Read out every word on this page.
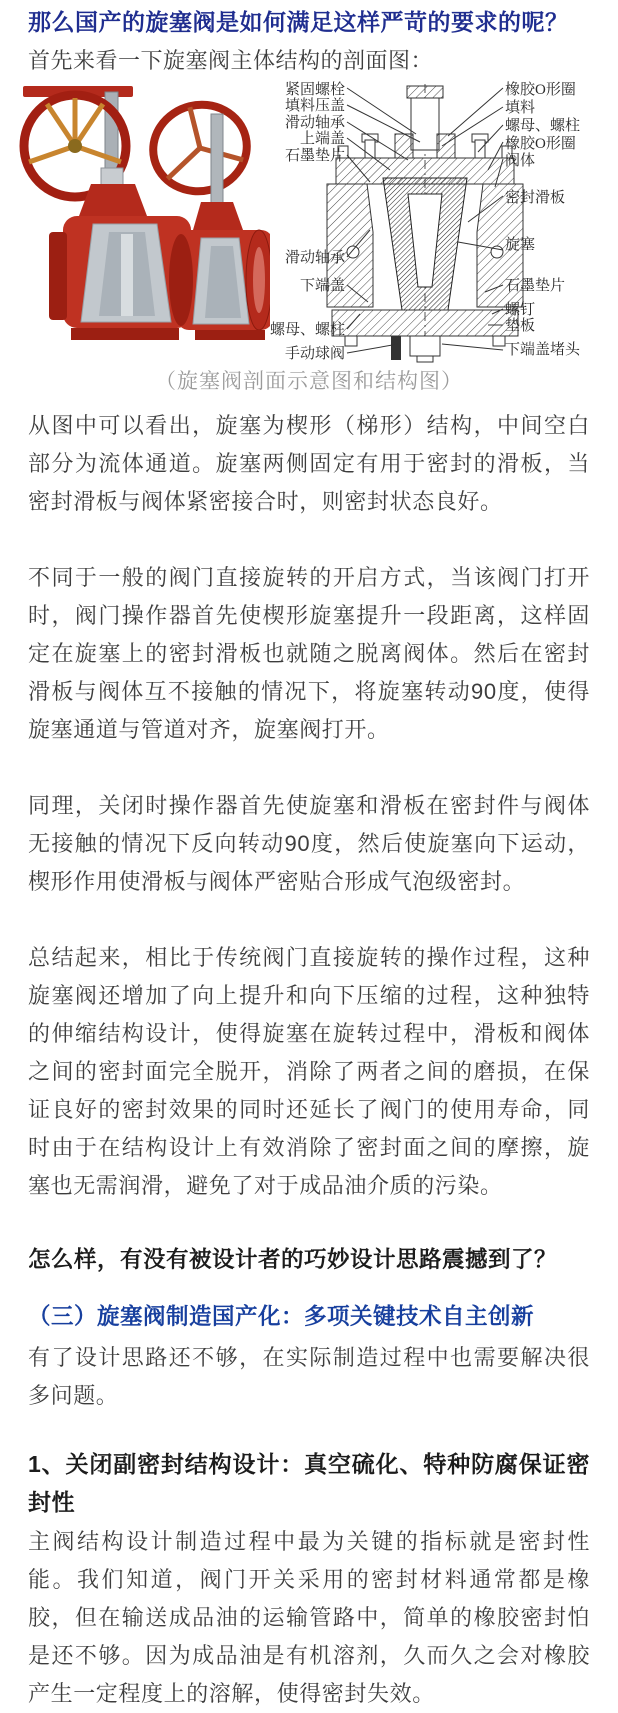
那么国产的旋塞阀是如何满足这样严苛的要求的呢？

首先来看一下旋塞阀主体结构的剖面图：

紧固螺栓
填料压盖
滑动轴承
上端盖
石墨垫片
滑动轴承
下端盖
螺母、螺柱
手动球阀
橡胶O形圈
填料
螺母、螺柱
橡胶O形圈
阀体
密封滑板
旋塞
石墨垫片
螺钉
垫板
下端盖堵头
（旋塞阀剖面示意图和结构图）

从图中可以看出，旋塞为楔形（梯形）结构，中间空白部分为流体通道。旋塞两侧固定有用于密封的滑板，当密封滑板与阀体紧密接合时，则密封状态良好。

不同于一般的阀门直接旋转的开启方式，当该阀门打开时，阀门操作器首先使楔形旋塞提升一段距离，这样固定在旋塞上的密封滑板也就随之脱离阀体。然后在密封滑板与阀体互不接触的情况下，将旋塞转动90度，使得旋塞通道与管道对齐，旋塞阀打开。

同理，关闭时操作器首先使旋塞和滑板在密封件与阀体无接触的情况下反向转动90度，然后使旋塞向下运动，楔形作用使滑板与阀体严密贴合形成气泡级密封。

总结起来，相比于传统阀门直接旋转的操作过程，这种旋塞阀还增加了向上提升和向下压缩的过程，这种独特的伸缩结构设计，使得旋塞在旋转过程中，滑板和阀体之间的密封面完全脱开，消除了两者之间的磨损，在保证良好的密封效果的同时还延长了阀门的使用寿命，同时由于在结构设计上有效消除了密封面之间的摩擦，旋塞也无需润滑，避免了对于成品油介质的污染。

怎么样，有没有被设计者的巧妙设计思路震撼到了？

（三）旋塞阀制造国产化：多项关键技术自主创新

有了设计思路还不够，在实际制造过程中也需要解决很多问题。

1、关闭副密封结构设计：真空硫化、特种防腐保证密封性

主阀结构设计制造过程中最为关键的指标就是密封性能。我们知道，阀门开关采用的密封材料通常都是橡胶，但在输送成品油的运输管路中，简单的橡胶密封怕是还不够。因为成品油是有机溶剂，久而久之会对橡胶产生一定程度上的溶解，使得密封失效。
